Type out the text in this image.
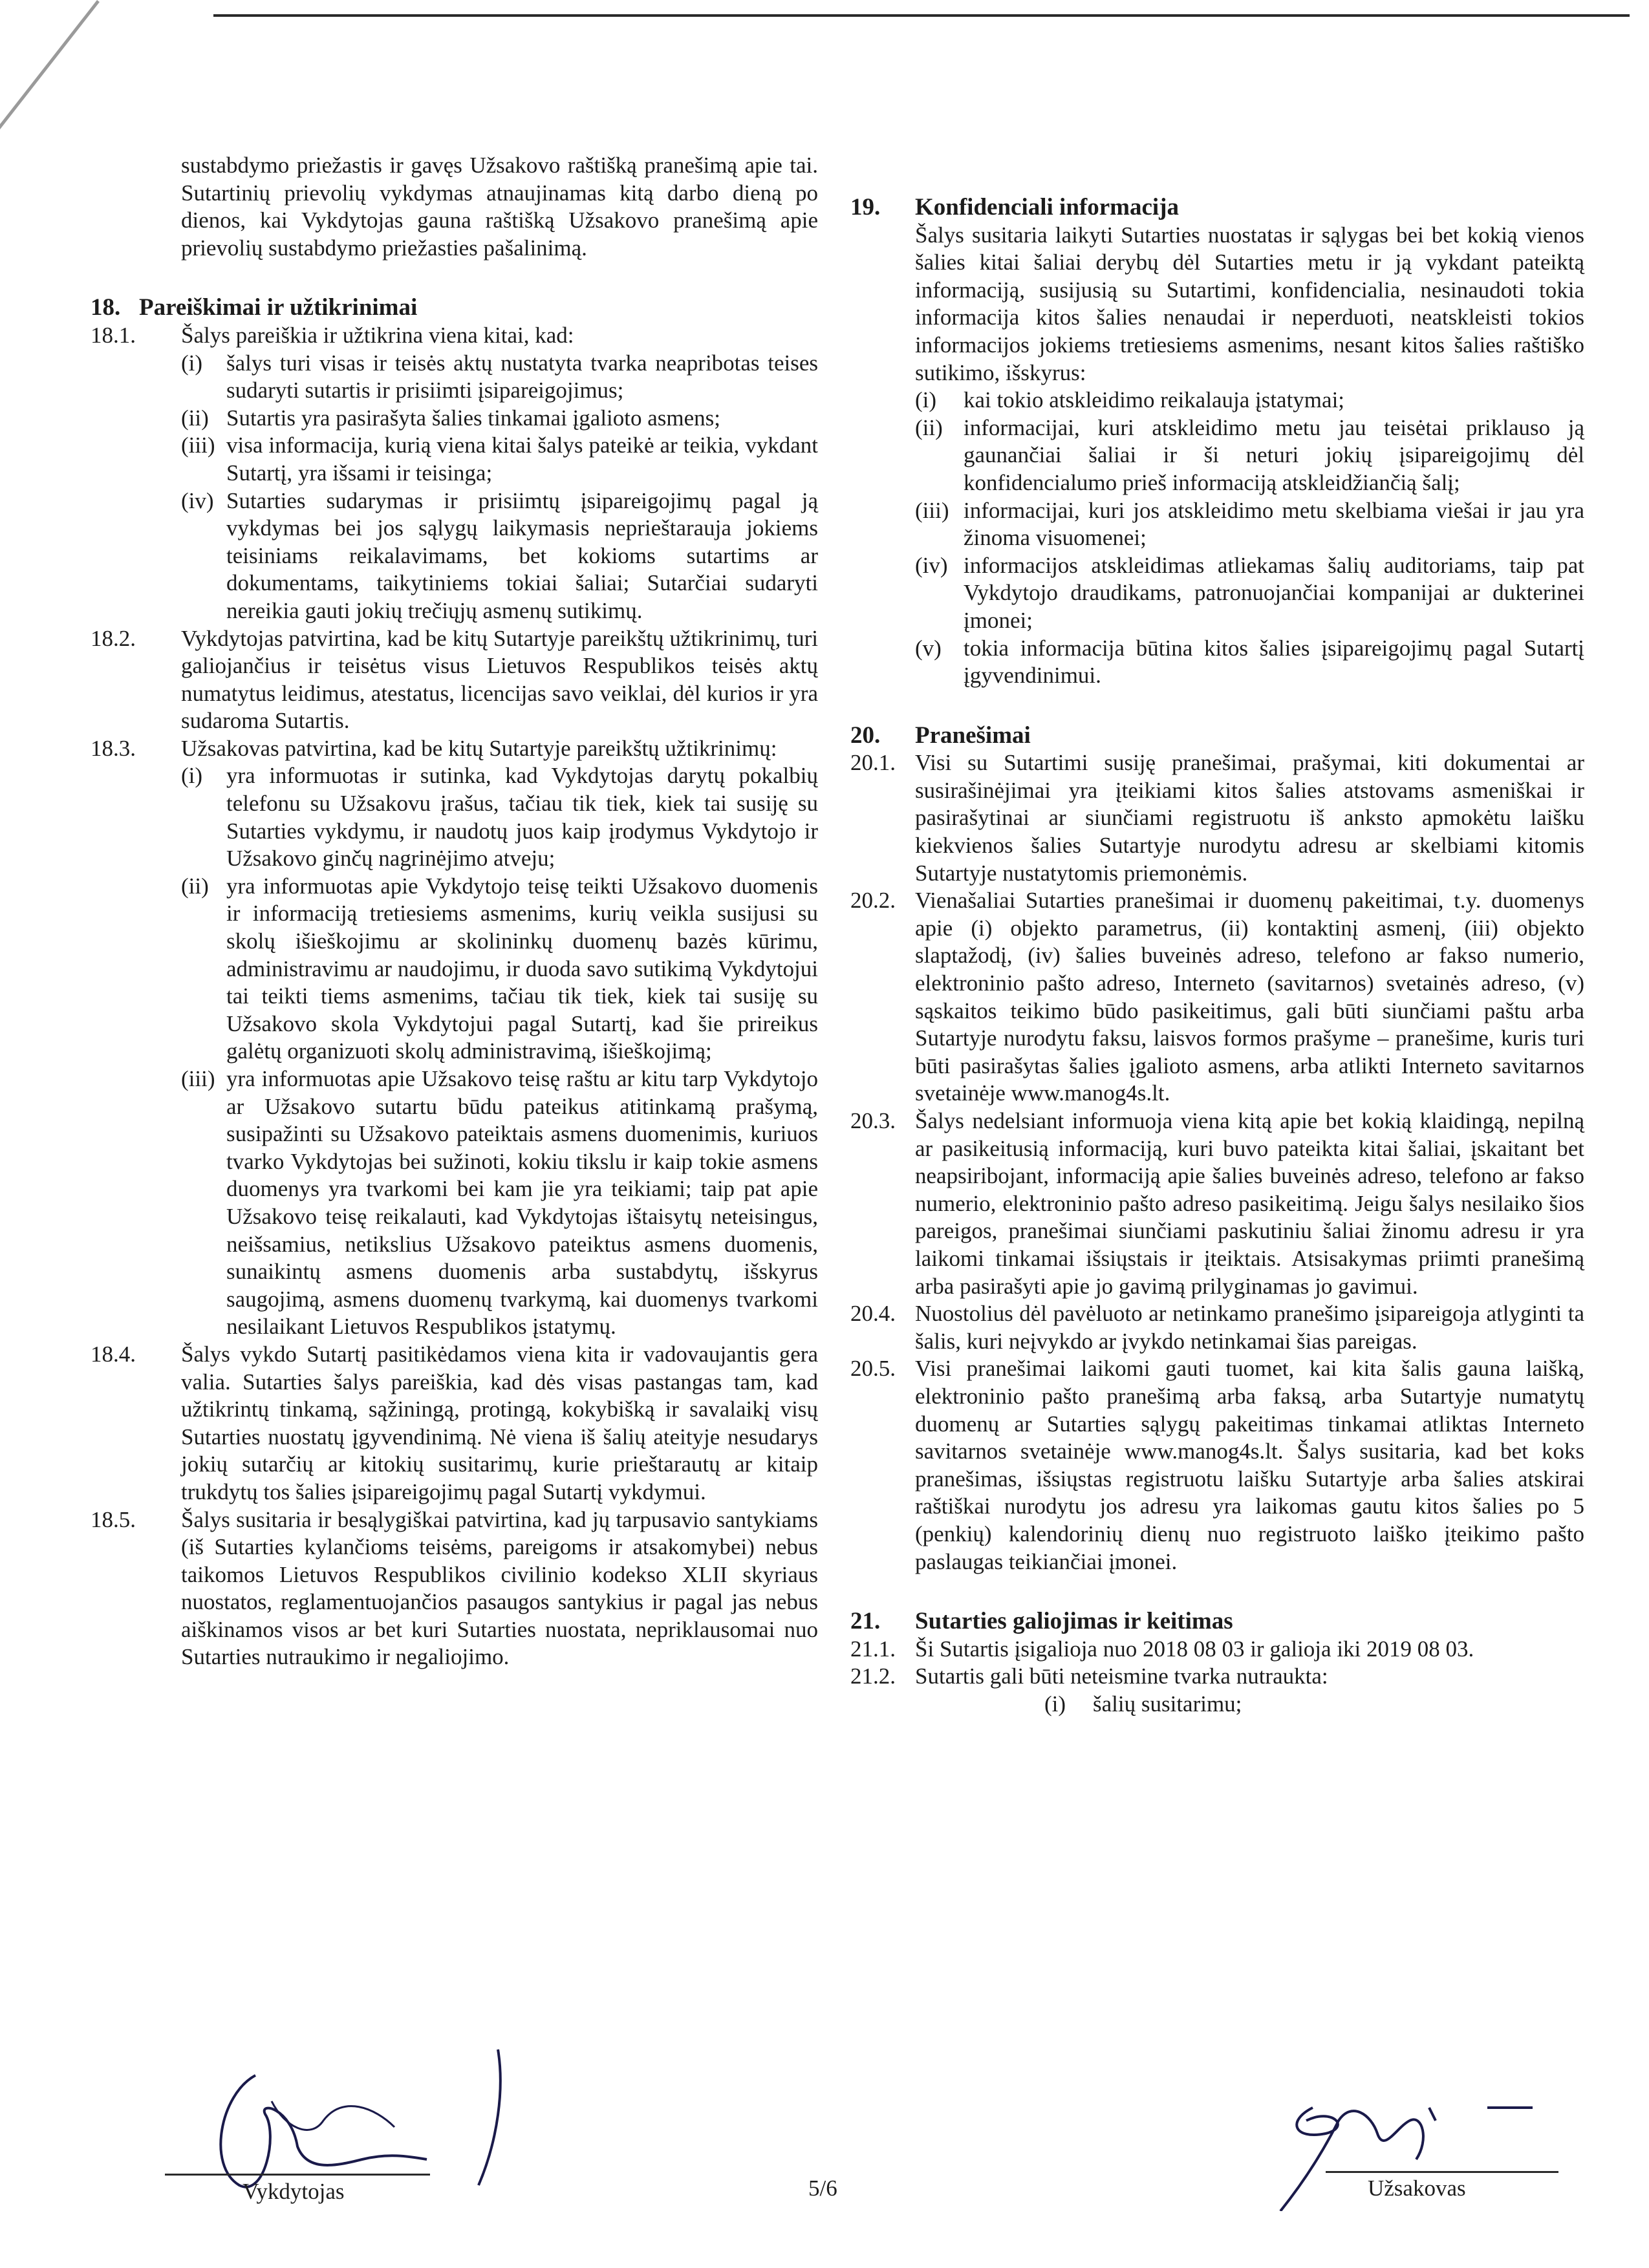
sustabdymo priežastis ir gavęs Užsakovo raštišką pranešimą apie tai. Sutartinių prievolių vykdymas atnaujinamas kitą darbo dieną po dienos, kai Vykdytojas gauna raštišką Užsakovo pranešimą apie prievolių sustabdymo priežasties pašalinimą.

18. Pareiškimai ir užtikrinimai
18.1.	Šalys pareiškia ir užtikrina viena kitai, kad:
(i)	šalys turi visas ir teisės aktų nustatyta tvarka neapribotas teises sudaryti sutartis ir prisiimti įsipareigojimus;
(ii) Sutartis yra pasirašyta šalies tinkamai įgalioto asmens;
(iii) visa informacija, kurią viena kitai šalys pateikė ar teikia, vykdant Sutartį, yra išsami ir teisinga;
(iv) Sutarties sudarymas ir prisiimtų įsipareigojimų pagal ją vykdymas bei jos sąlygų laikymasis neprieštarauja jokiems teisiniams reikalavimams, bet kokioms sutartims ar dokumentams, taikytiniems tokiai šaliai; Sutarčiai sudaryti nereikia gauti jokių trečiųjų asmenų sutikimų.
18.2.	Vykdytojas patvirtina, kad be kitų Sutartyje pareikštų užtikrinimų, turi galiojančius ir teisėtus visus Lietuvos Respublikos teisės aktų numatytus leidimus, atestatus, licencijas savo veiklai, dėl kurios ir yra sudaroma Sutartis.
18.3.	Užsakovas patvirtina, kad be kitų Sutartyje pareikštų užtikrinimų:
(i)	yra informuotas ir sutinka, kad Vykdytojas darytų pokalbių telefonu su Užsakovu įrašus, tačiau tik tiek, kiek tai susiję su Sutarties vykdymu, ir naudotų juos kaip įrodymus Vykdytojo ir Užsakovo ginčų nagrinėjimo atveju;
(ii) yra informuotas apie Vykdytojo teisę teikti Užsakovo duomenis ir informaciją tretiesiems asmenims, kurių veikla susijusi su skolų išieškojimu ar skolininkų duomenų bazės kūrimu, administravimu ar naudojimu, ir duoda savo sutikimą Vykdytojui tai teikti tiems asmenims, tačiau tik tiek, kiek tai susiję su Užsakovo skola Vykdytojui pagal Sutartį, kad šie prireikus galėtų organizuoti skolų administravimą, išieškojimą;
(iii) yra informuotas apie Užsakovo teisę raštu ar kitu tarp Vykdytojo ar Užsakovo sutartu būdu pateikus atitinkamą prašymą, susipažinti su Užsakovo pateiktais asmens duomenimis, kuriuos tvarko Vykdytojas bei sužinoti, kokiu tikslu ir kaip tokie asmens duomenys yra tvarkomi bei kam jie yra teikiami; taip pat apie Užsakovo teisę reikalauti, kad Vykdytojas ištaisytų neteisingus, neišsamius, netikslius Užsakovo pateiktus asmens duomenis, sunaikintų asmens duomenis arba sustabdytų, išskyrus saugojimą, asmens duomenų tvarkymą, kai duomenys tvarkomi nesilaikant Lietuvos Respublikos įstatymų.
18.4.	Šalys vykdo Sutartį pasitikėdamos viena kita ir vadovaujantis gera valia. Sutarties šalys pareiškia, kad dės visas pastangas tam, kad užtikrintų tinkamą, sąžiningą, protingą, kokybišką ir savalaikį visų Sutarties nuostatų įgyvendinimą. Nė viena iš šalių ateityje nesudarys jokių sutarčių ar kitokių susitarimų, kurie prieštarautų ar kitaip trukdytų tos šalies įsipareigojimų pagal Sutartį vykdymui.
18.5.	Šalys susitaria ir besąlygiškai patvirtina, kad jų tarpusavio santykiams (iš Sutarties kylančioms teisėms, pareigoms ir atsakomybei) nebus taikomos Lietuvos Respublikos civilinio kodekso XLII skyriaus nuostatos, reglamentuojančios pasaugos santykius ir pagal jas nebus aiškinamos visos ar bet kuri Sutarties nuostata, nepriklausomai nuo Sutarties nutraukimo ir negaliojimo.
19. Konfidenciali informacija

Šalys susitaria laikyti Sutarties nuostatas ir sąlygas bei bet kokią vienos šalies kitai šaliai derybų dėl Sutarties metu ir ją vykdant pateiktą informaciją, susijusią su Sutartimi, konfidencialia, nesinaudoti tokia informacija kitos šalies nenaudai ir neperduoti, neatskleisti tokios informacijos jokiems tretiesiems asmenims, nesant kitos šalies raštiško sutikimo, išskyrus:

(i)	kai tokio atskleidimo reikalauja įstatymai;
(ii) informacijai, kuri atskleidimo metu jau teisėtai priklauso ją gaunančiai šaliai ir ši neturi jokių įsipareigojimų dėl konfidencialumo prieš informaciją atskleidžiančią šalį;
(iii) informacijai, kuri jos atskleidimo metu skelbiama viešai ir jau yra žinoma visuomenei;
(iv) informacijos atskleidimas atliekamas šalių auditoriams, taip pat Vykdytojo draudikams, patronuojančiai kompanijai ar dukterinei įmonei;
(v) tokia informacija būtina kitos šalies įsipareigojimų pagal Sutartį įgyvendinimui.
20. Pranešimai
20.1. Visi su Sutartimi susiję pranešimai, prašymai, kiti dokumentai ar susirašinėjimai yra įteikiami kitos šalies atstovams asmeniškai ir pasirašytinai ar siunčiami registruotu iš anksto apmokėtu laišku kiekvienos šalies Sutartyje nurodytu adresu ar skelbiami kitomis Sutartyje nustatytomis priemonėmis.
20.2. Vienašaliai Sutarties pranešimai ir duomenų pakeitimai, t.y. duomenys apie (i) objekto parametrus, (ii) kontaktinį asmenį, (iii) objekto slaptažodį, (iv) šalies buveinės adreso, telefono ar fakso numerio, elektroninio pašto adreso, Interneto (savitarnos) svetainės adreso, (v) sąskaitos teikimo būdo pasikeitimus, gali būti siunčiami paštu arba Sutartyje nurodytu faksu, laisvos formos prašyme – pranešime, kuris turi būti pasirašytas šalies įgalioto asmens, arba atlikti Interneto savitarnos svetainėje www.manog4s.lt.
20.3. Šalys nedelsiant informuoja viena kitą apie bet kokią klaidingą, nepilną ar pasikeitusią informaciją, kuri buvo pateikta kitai šaliai, įskaitant bet neapsiribojant, informaciją apie šalies buveinės adreso, telefono ar fakso numerio, elektroninio pašto adreso pasikeitimą. Jeigu šalys nesilaiko šios pareigos, pranešimai siunčiami paskutiniu šaliai žinomu adresu ir yra laikomi tinkamai išsiųstais ir įteiktais. Atsisakymas priimti pranešimą arba pasirašyti apie jo gavimą prilyginamas jo gavimui.
20.4. Nuostolius dėl pavėluoto ar netinkamo pranešimo įsipareigoja atlyginti ta šalis, kuri neįvykdo ar įvykdo netinkamai šias pareigas.
20.5. Visi pranešimai laikomi gauti tuomet, kai kita šalis gauna laišką, elektroninio pašto pranešimą arba faksą, arba Sutartyje numatytų duomenų ar Sutarties sąlygų pakeitimas tinkamai atliktas Interneto savitarnos svetainėje www.manog4s.lt. Šalys susitaria, kad bet koks pranešimas, išsiųstas registruotu laišku Sutartyje arba šalies atskirai raštiškai nurodytu jos adresu yra laikomas gautu kitos šalies po 5 (penkių) kalendorinių dienų nuo registruoto laiško įteikimo pašto paslaugas teikiančiai įmonei.
21. Sutarties galiojimas ir keitimas
21.1. Ši Sutartis įsigalioja nuo 2018 08 03 ir galioja iki 2019 08 03.
21.2. Sutartis gali būti neteismine tvarka nutraukta:
(i)	šalių susitarimu;
Vykdytojas	5/6	Užsakovas
